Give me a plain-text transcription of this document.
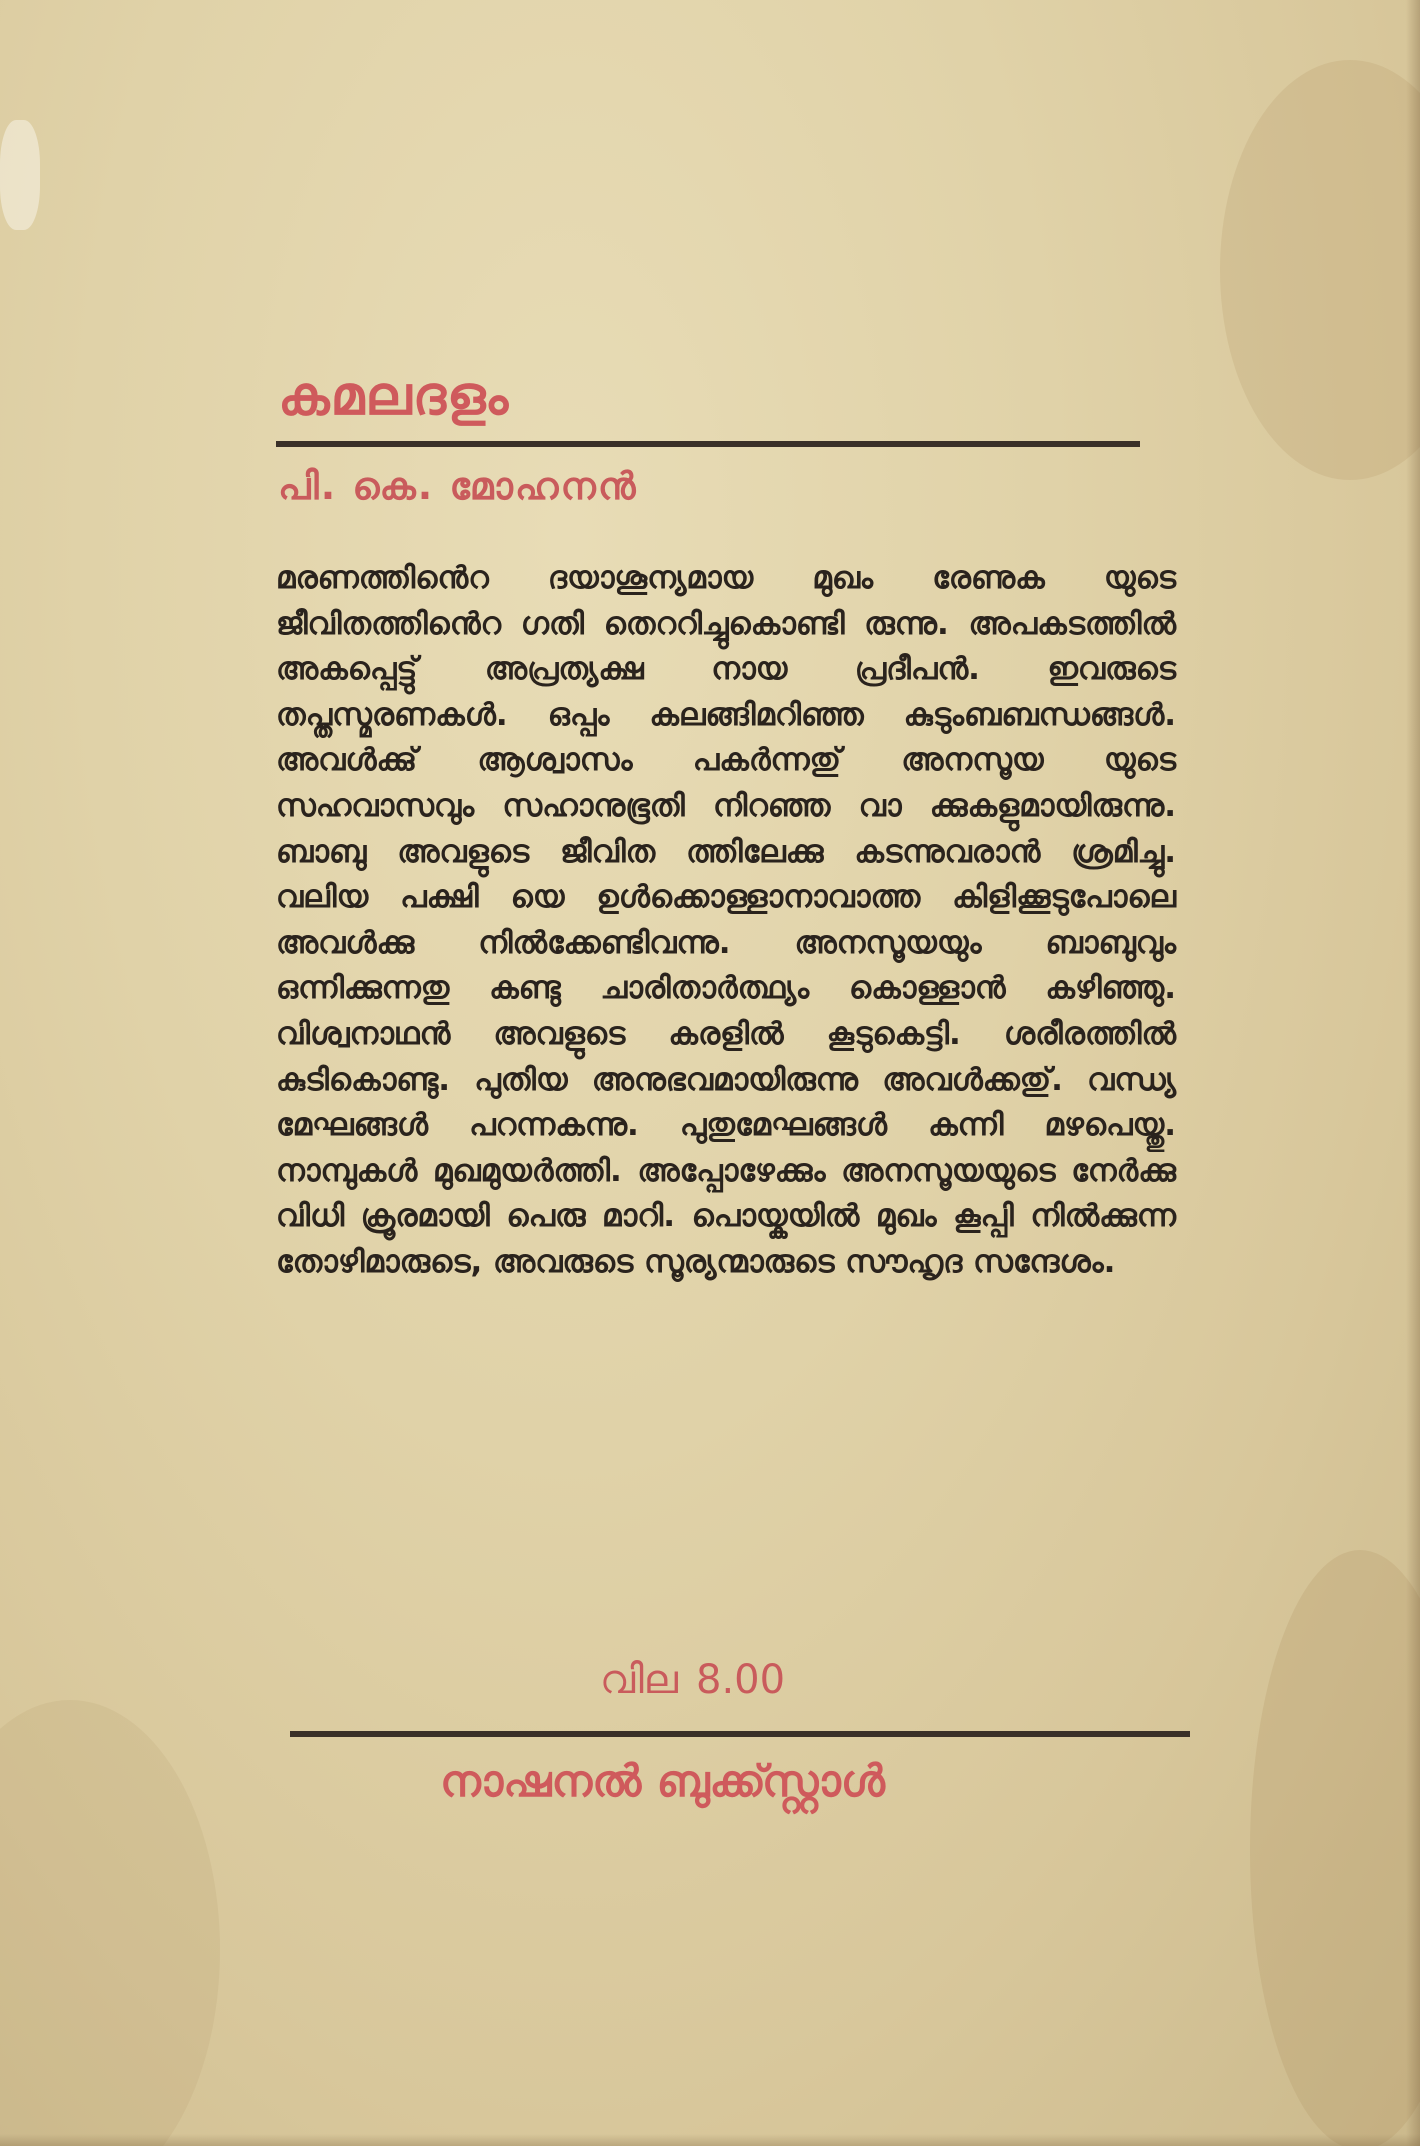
കമലദളം
പി. കെ. മോഹനൻ
മരണത്തിൻെറ ദയാശൂന്യമായ മുഖം രേണുക യുടെ ജീവിതത്തിൻെറ ഗതി തെററിച്ചുകൊണ്ടി രുന്നു. അപകടത്തിൽ അകപ്പെട്ടു് അപ്രത്യക്ഷ നായ പ്രദീപൻ. ഇവരുടെ തപ്തസ്മരണകൾ. ഒപ്പം കലങ്ങിമറിഞ്ഞ കുടുംബബന്ധങ്ങൾ. അവൾക്കു് ആശ്വാസം പകർന്നതു് അനസൂയ യുടെ സഹവാസവും സഹാനുഭൂതി നിറഞ്ഞ വാ ക്കുകളുമായിരുന്നു. ബാബു അവളുടെ ജീവിത ത്തിലേക്കു കടന്നുവരാൻ ശ്രമിച്ചു. വലിയ പക്ഷി യെ ഉൾക്കൊള്ളാനാവാത്ത കിളിക്കൂടുപോലെ അവൾക്കു നിൽക്കേണ്ടിവന്നു. അനസൂയയും ബാബുവും ഒന്നിക്കുന്നതു കണ്ടു ചാരിതാർത്ഥ്യം കൊള്ളാൻ കഴിഞ്ഞു. വിശ്വനാഥൻ അവളുടെ കരളിൽ കൂടുകെട്ടി. ശരീരത്തിൽ കുടികൊണ്ടു. പുതിയ അനുഭവമായിരുന്നു അവൾക്കതു്. വന്ധ്യ മേഘങ്ങൾ പറന്നകന്നു. പുതുമേഘങ്ങൾ കന്നി മഴപെയ്തു. നാമ്പുകൾ മുഖമുയർത്തി. അപ്പോഴേക്കും അനസൂയയുടെ നേർക്കു വിധി ക്രൂരമായി പെരു മാറി. പൊയ്കയിൽ മുഖം കൂപ്പി നിൽക്കുന്ന തോഴിമാരുടെ, അവരുടെ സൂര്യന്മാരുടെ സൗഹൃദ സന്ദേശം.
വില 8.00
നാഷനൽ ബുക്ക്സ്റ്റാൾ
